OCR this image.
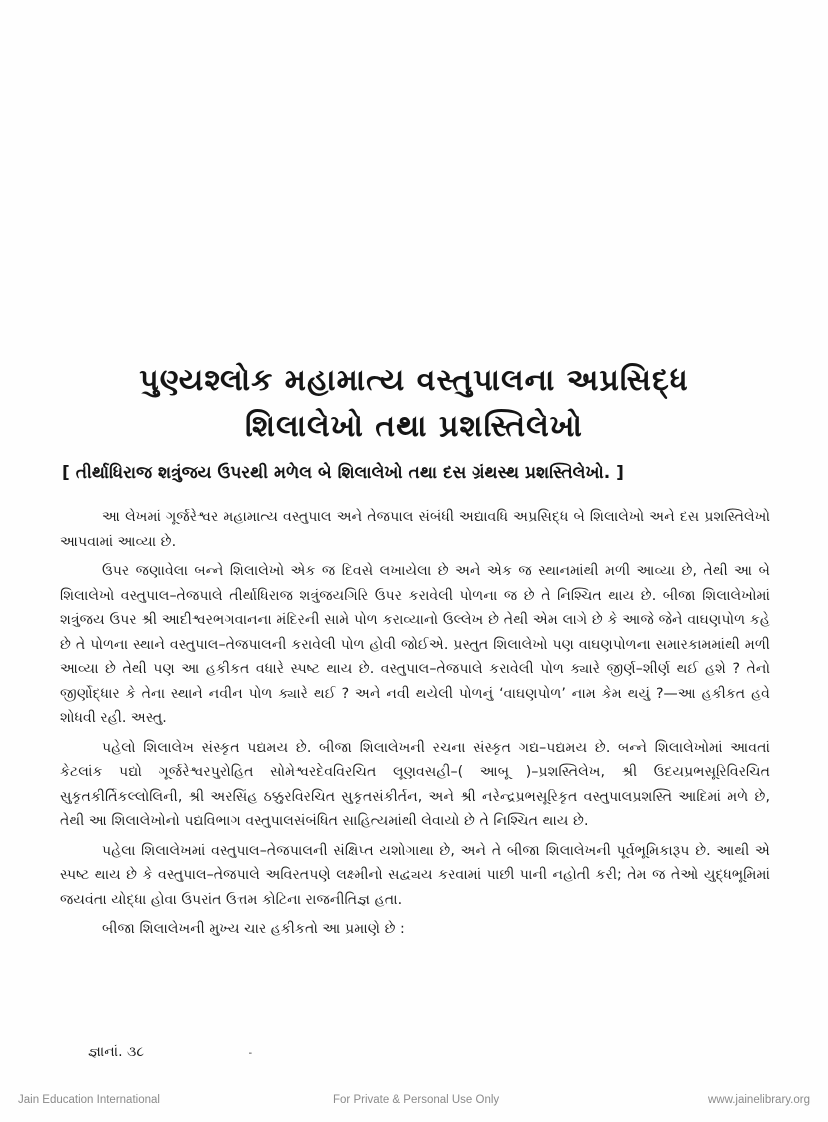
પુણ્યશ્લોક મહામાત્ય વસ્તુપાલના અપ્રસિદ્ધ
શિલાલેખો તથા પ્રશસ્તિલેખો
[ તીર્થાધિરાજ શત્રુંજય ઉપરથી મળેલ બે શિલાલેખો તથા દસ ગ્રંથસ્થ પ્રશસ્તિલેખો. ]

આ લેખમાં ગૂર્જરેશ્વર મહામાત્ય વસ્તુપાલ અને તેજપાલ સંબંધી અદ્યાવધિ અપ્રસિદ્ધ બે શિલાલેખો અને દસ પ્રશસ્તિલેખો આપવામાં આવ્યા છે.

ઉપર જણાવેલા બન્ને શિલાલેખો એક જ દિવસે લખાયેલા છે અને એક જ સ્થાનમાંથી મળી આવ્યા છે, તેથી આ બે શિલાલેખો વસ્તુપાલ–તેજપાલે તીર્થાધિરાજ શત્રુંજયગિરિ ઉપર કરાવેલી પોળના જ છે તે નિશ્ચિત થાય છે. બીજા શિલાલેખોમાં શત્રુંજય ઉપર શ્રી આદીશ્વરભગવાનના મંદિરની સામે પોળ કરાવ્યાનો ઉલ્લેખ છે તેથી એમ લાગે છે કે આજે જેને વાઘણપોળ કહે છે તે પોળના સ્થાને વસ્તુપાલ–તેજપાલની કરાવેલી પોળ હોવી જોઈએ. પ્રસ્તુત શિલાલેખો પણ વાઘણપોળના સમારકામમાંથી મળી આવ્યા છે તેથી પણ આ હકીકત વધારે સ્પષ્ટ થાય છે. વસ્તુપાલ–તેજપાલે કરાવેલી પોળ ક્યારે જીર્ણ–શીર્ણ થઈ હશે ? તેનો જીર્ણોદ્ધાર કે તેના સ્થાને નવીન પોળ ક્યારે થઈ ? અને નવી થયેલી પોળનું ‘વાઘણપોળ’ નામ કેમ થયું ?—આ હકીકત હવે શોધવી રહી. અસ્તુ.

પહેલો શિલાલેખ સંસ્કૃત પદ્યમય છે. બીજા શિલાલેખની રચના સંસ્કૃત ગદ્ય–પદ્યમય છે. બન્ને શિલાલેખોમાં આવતાં કેટલાંક પદ્યો ગૂર્જરેશ્વરપુરોહિત સોમેશ્વરદેવવિરચિત લૂણવસહી–( આબૂ )–પ્રશસ્તિલેખ, શ્રી ઉદયપ્રભસૂરિવિરચિત સુકૃતકીર્તિકલ્લોલિની, શ્રી અરસિંહ ઠક્કુરવિરચિત સુકૃતસંકીર્તન, અને શ્રી નરેન્દ્રપ્રભસૂરિકૃત વસ્તુપાલપ્રશસ્તિ આદિમાં મળે છે, તેથી આ શિલાલેખોનો પદ્યવિભાગ વસ્તુપાલસંબંધિત સાહિત્યમાંથી લેવાયો છે તે નિશ્ચિત થાય છે.

પહેલા શિલાલેખમાં વસ્તુપાલ–તેજપાલની સંક્ષિપ્ત યશોગાથા છે, અને તે બીજા શિલાલેખની પૂર્વભૂમિકારૂપ છે. આથી એ સ્પષ્ટ થાય છે કે વસ્તુપાલ–તેજપાલે અવિરતપણે લક્ષ્મીનો સદ્વ્યય કરવામાં પાછી પાની નહોતી કરી; તેમ જ તેઓ યુદ્ધભૂમિમાં જયવંતા યોદ્ધા હોવા ઉપરાંત ઉત્તમ કોટિના રાજનીતિજ્ઞ હતા.

બીજા શિલાલેખની મુખ્ય ચાર હકીકતો આ પ્રમાણે છે :

જ્ઞાનાં. ૩૮	-
Jain Education International	For Private & Personal Use Only	www.jainelibrary.org
